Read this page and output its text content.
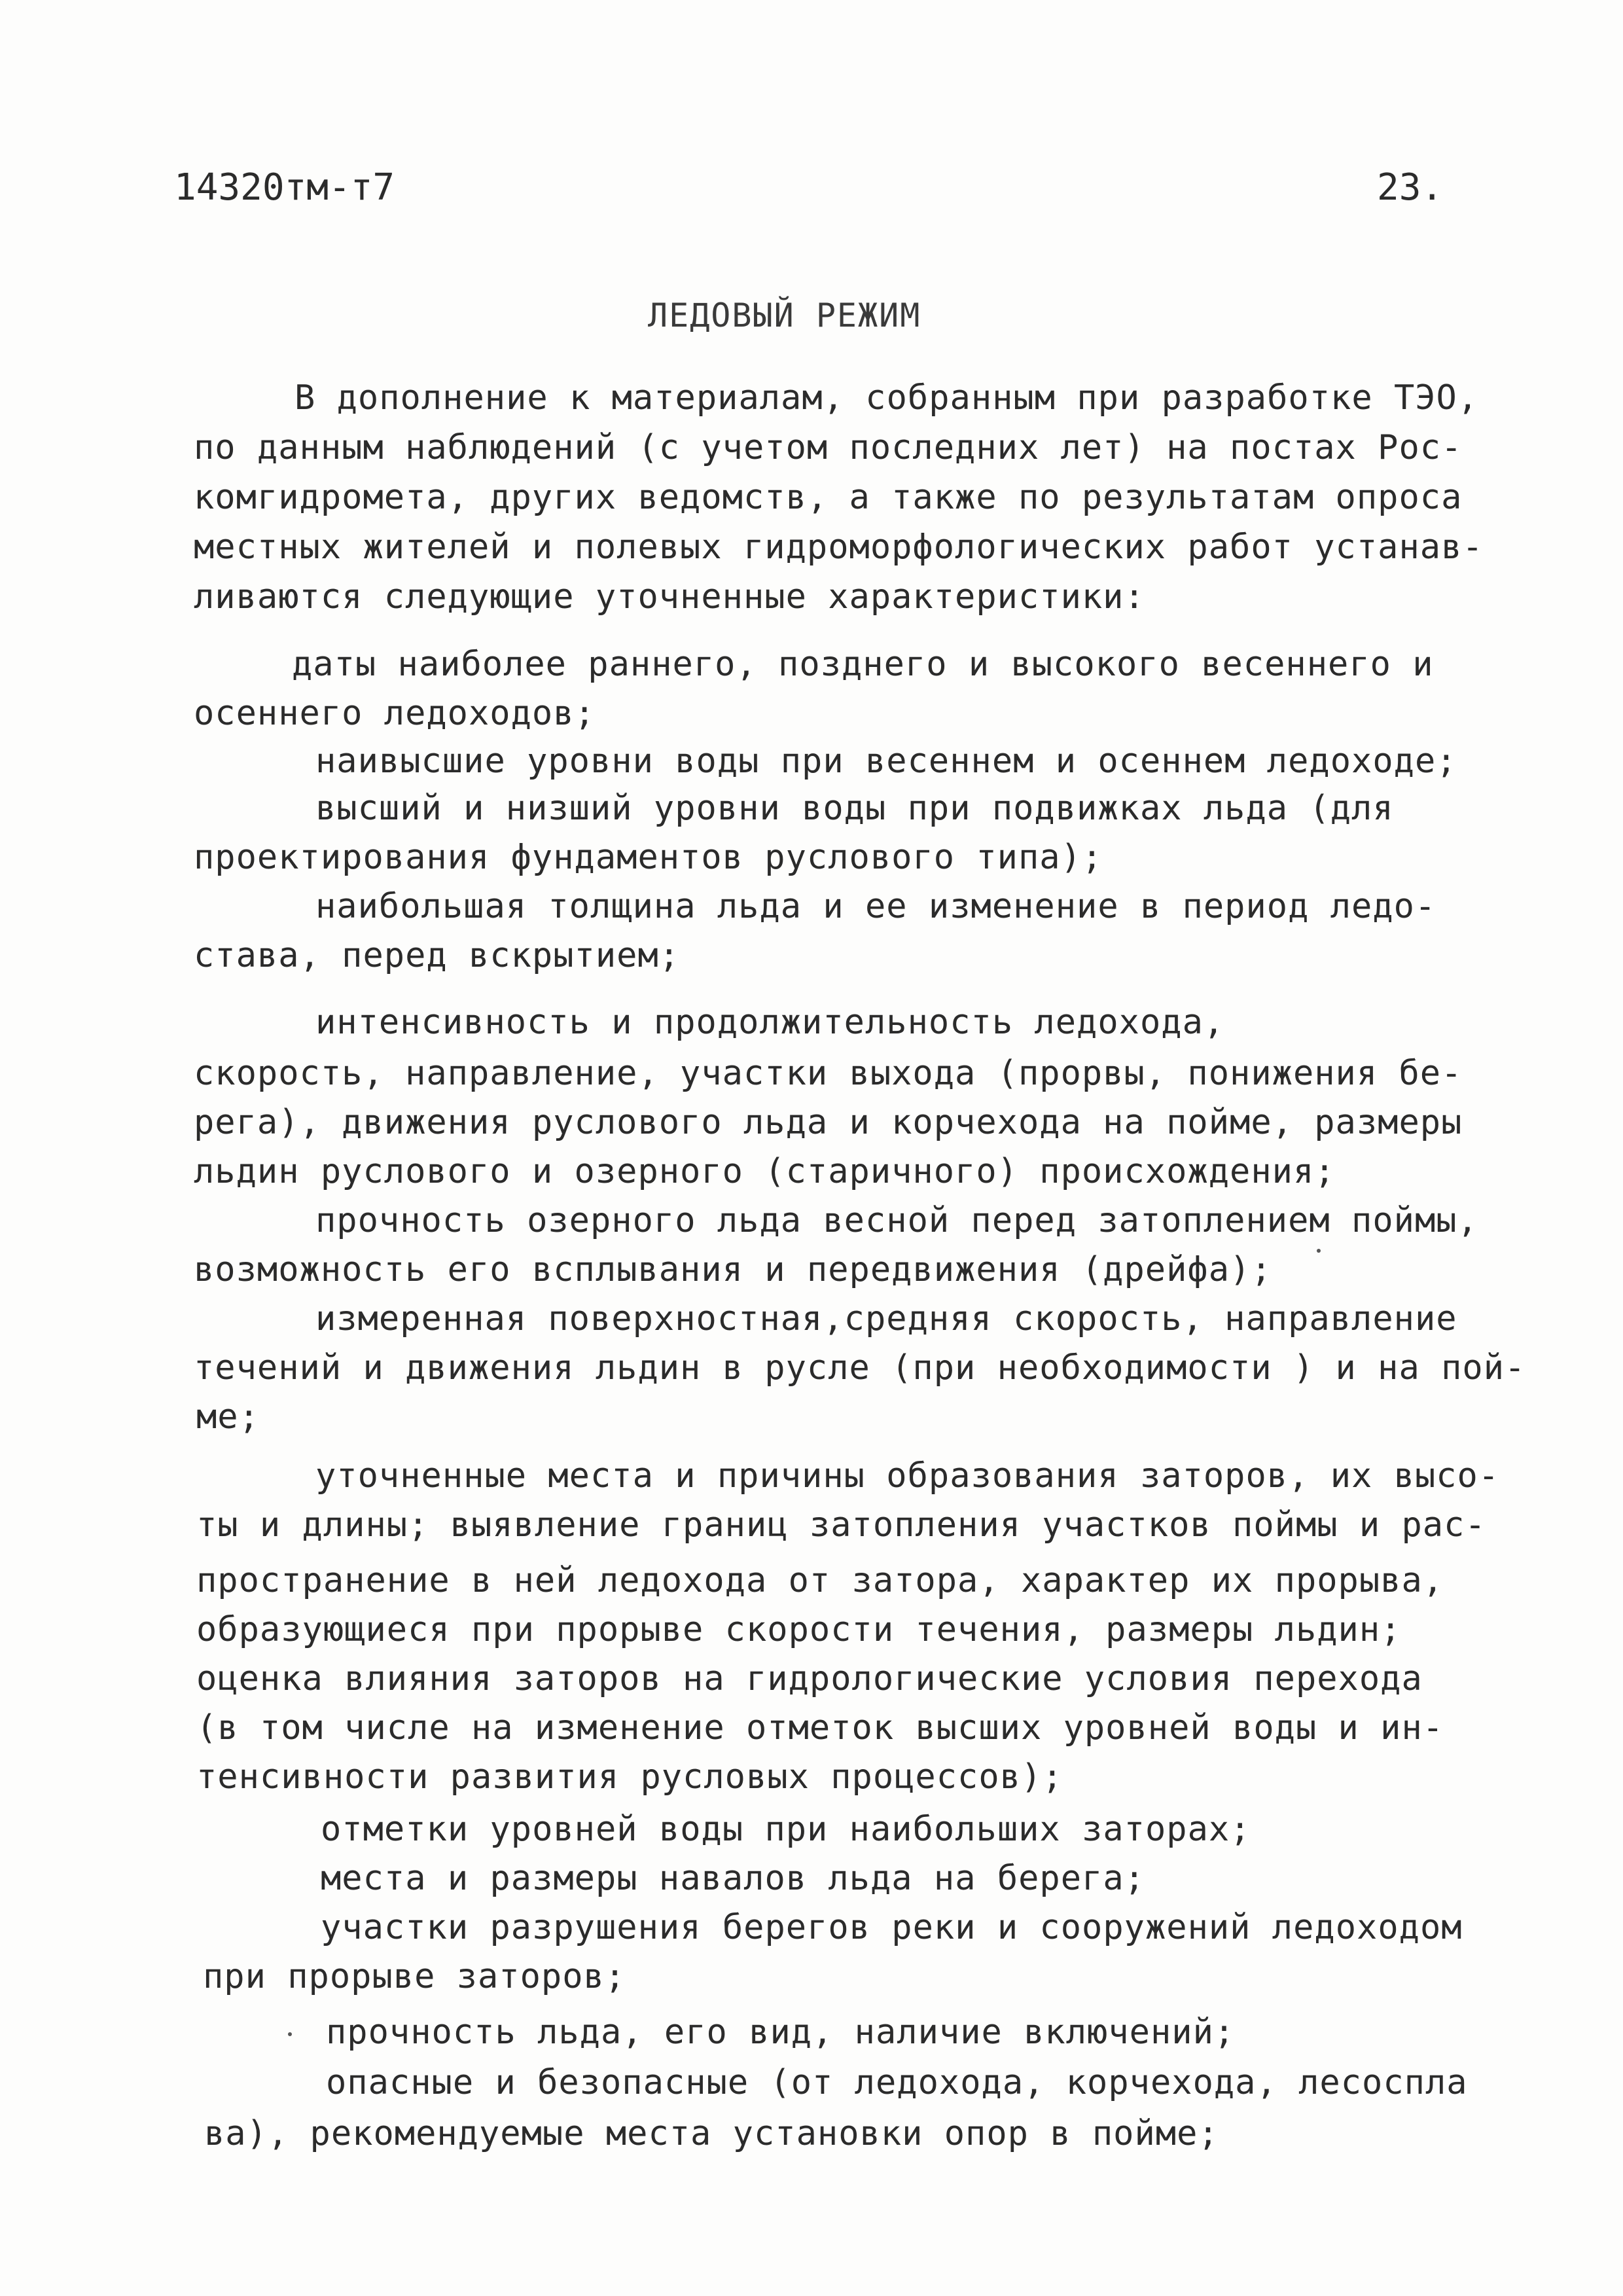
14320тм-т7	23.
ЛЕДОВЫЙ РЕЖИМ
В дополнение к материалам, собранным при разработке ТЭО,
по данным наблюдений (с учетом последних лет) на постах Рос-
комгидромета, других ведомств, а также по результатам опроса
местных жителей и полевых гидроморфологических работ устанав-
ливаются следующие уточненные характеристики:
даты наиболее раннего, позднего и высокого весеннего и
осеннего ледоходов;
наивысшие уровни воды при весеннем и осеннем ледоходе;
высший и низший уровни воды при подвижках льда (для
проектирования фундаментов руслового типа);
наибольшая толщина льда и ее изменение в период ледо-
става, перед вскрытием;
интенсивность и продолжительность ледохода,
скорость, направление, участки выхода (прорвы, понижения бе-
рега), движения руслового льда и корчехода на пойме, размеры
льдин руслового и озерного (старичного) происхождения;
прочность озерного льда весной перед затоплением поймы,
возможность его всплывания и передвижения (дрейфа);
измеренная поверхностная,средняя скорость, направление
течений и движения льдин в русле (при необходимости ) и на пой-
ме;
уточненные места и причины образования заторов, их высо-
ты и длины; выявление границ затопления участков поймы и рас-
пространение в ней ледохода от затора, характер их прорыва,
образующиеся при прорыве скорости течения, размеры льдин;
оценка влияния заторов на гидрологические условия перехода
(в том числе на изменение отметок высших уровней воды и ин-
тенсивности развития русловых процессов);
отметки уровней воды при наибольших заторах;
места и размеры навалов льда на берега;
участки разрушения берегов реки и сооружений ледоходом
при прорыве заторов;
прочность льда, его вид, наличие включений;
опасные и безопасные (от ледохода, корчехода, лесоспла
ва), рекомендуемые места установки опор в пойме;
